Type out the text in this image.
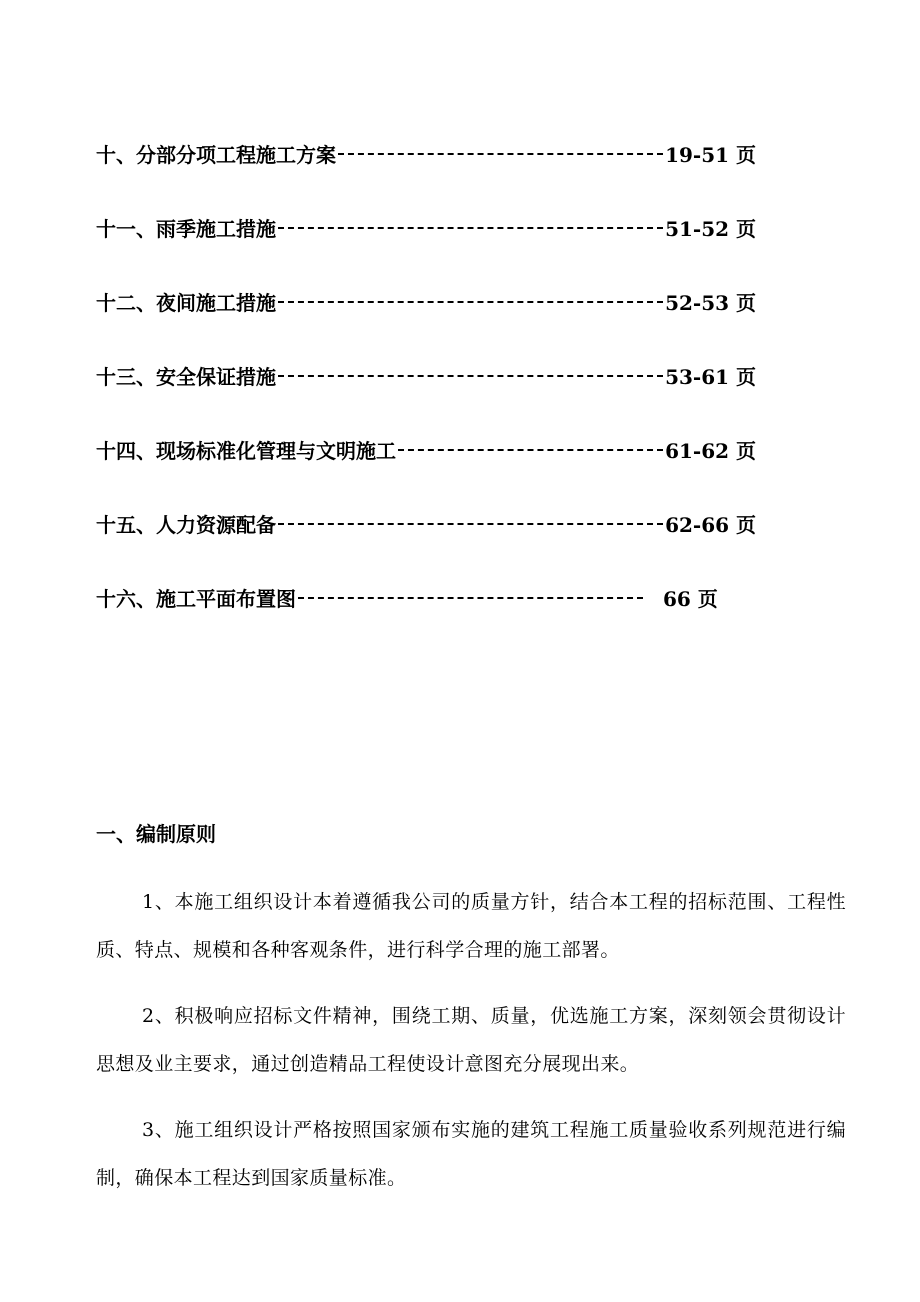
十、分部分项工程施工方案	19-51 页
十一、雨季施工措施	51-52 页
十二、夜间施工措施	52-53 页
十三、安全保证措施	53-61 页
十四、现场标准化管理与文明施工	61-62 页
十五、人力资源配备	62-66 页
十六、施工平面布置图	66 页
一、编制原则

1、本施工组织设计本着遵循我公司的质量方针，结合本工程的招标范围、工程性质、特点、规模和各种客观条件，进行科学合理的施工部署。

2、积极响应招标文件精神，围绕工期、质量，优选施工方案，深刻领会贯彻设计思想及业主要求，通过创造精品工程使设计意图充分展现出来。

3、施工组织设计严格按照国家颁布实施的建筑工程施工质量验收系列规范进行编制，确保本工程达到国家质量标准。
